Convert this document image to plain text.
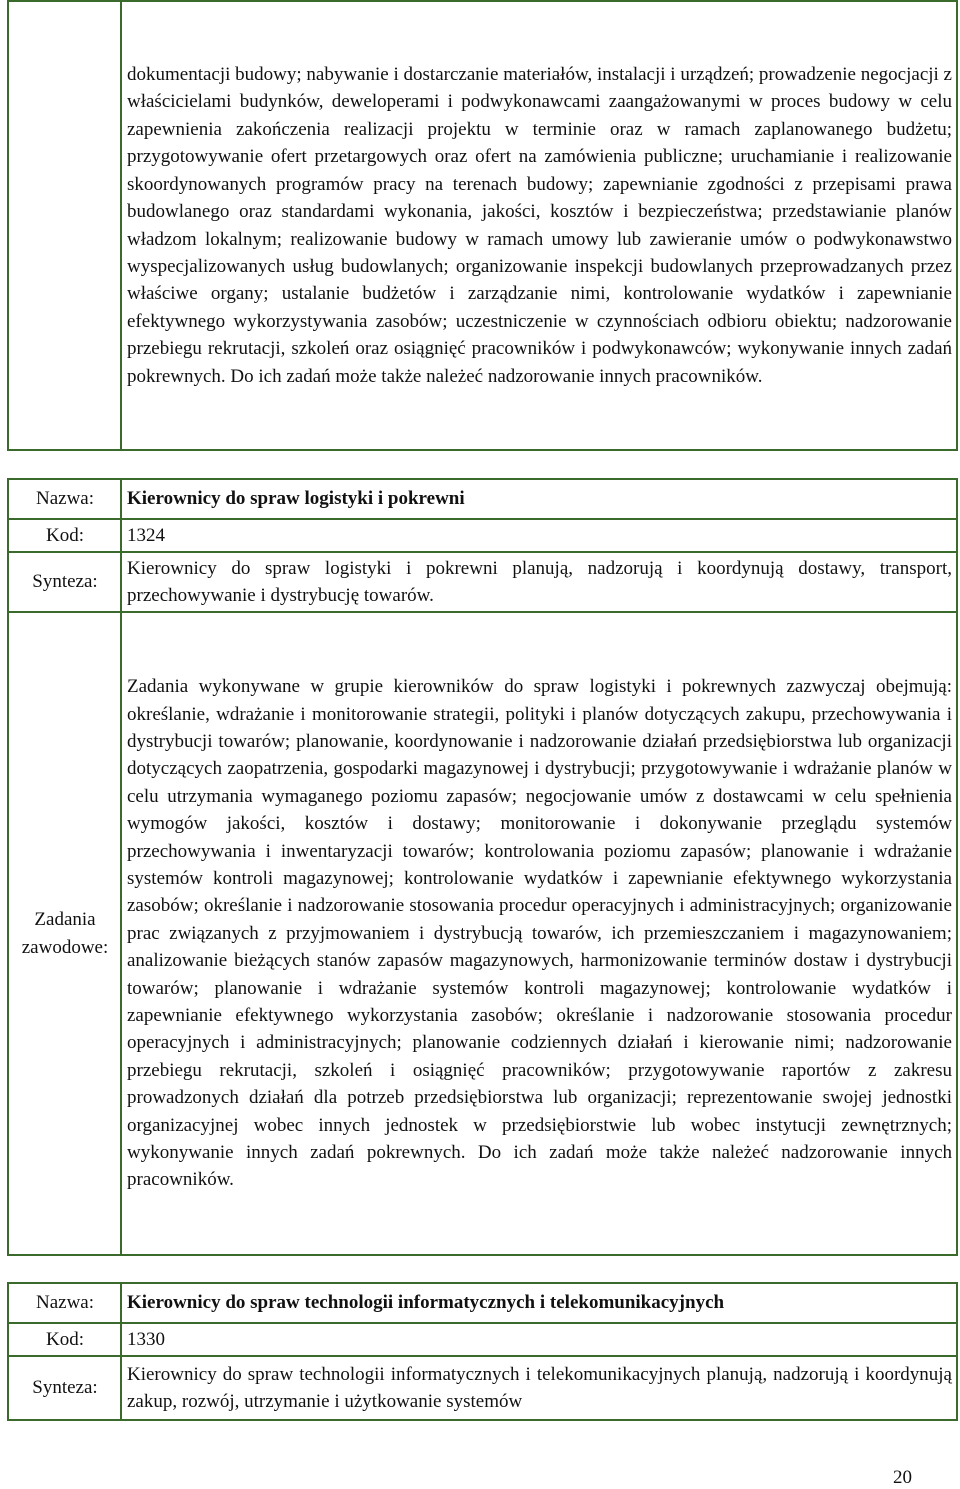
	dokumentacji budowy; nabywanie i dostarczanie materiałów, instalacji i urządzeń; prowadzenie negocjacji z właścicielami budynków, deweloperami i podwykonawcami zaangażowanymi w proces budowy w celu zapewnienia zakończenia realizacji projektu w terminie oraz w ramach zaplanowanego budżetu; przygotowywanie ofert przetargowych oraz ofert na zamówienia publiczne; uruchamianie i realizowanie skoordynowanych programów pracy na terenach budowy; zapewnianie zgodności z przepisami prawa budowlanego oraz standardami wykonania, jakości, kosztów i bezpieczeństwa; przedstawianie planów władzom lokalnym; realizowanie budowy w ramach umowy lub zawieranie umów o podwykonawstwo wyspecjalizowanych usług budowlanych; organizowanie inspekcji budowlanych przeprowadzanych przez właściwe organy; ustalanie budżetów i zarządzanie nimi, kontrolowanie wydatków i zapewnianie efektywnego wykorzystywania zasobów; uczestniczenie w czynnościach odbioru obiektu; nadzorowanie przebiegu rekrutacji, szkoleń oraz osiągnięć pracowników i podwykonawców; wykonywanie innych zadań pokrewnych. Do ich zadań może także należeć nadzorowanie innych pracowników.
Nazwa:	Kierownicy do spraw logistyki i pokrewni
Kod:	1324
Synteza:	Kierownicy do spraw logistyki i pokrewni planują, nadzorują i koordynują dostawy, transport, przechowywanie i dystrybucję towarów.
Zadania
zawodowe:	Zadania wykonywane w grupie kierowników do spraw logistyki i pokrewnych zazwyczaj obejmują: określanie, wdrażanie i monitorowanie strategii, polityki i planów dotyczących zakupu, przechowywania i dystrybucji towarów; planowanie, koordynowanie i nadzorowanie działań przedsiębiorstwa lub organizacji dotyczących zaopatrzenia, gospodarki magazynowej i dystrybucji; przygotowywanie i wdrażanie planów w celu utrzymania wymaganego poziomu zapasów; negocjowanie umów z dostawcami w celu spełnienia wymogów jakości, kosztów i dostawy; monitorowanie i dokonywanie przeglądu systemów przechowywania i inwentaryzacji towarów; kontrolowania poziomu zapasów; planowanie i wdrażanie systemów kontroli magazynowej; kontrolowanie wydatków i zapewnianie efektywnego wykorzystania zasobów; określanie i nadzorowanie stosowania procedur operacyjnych i administracyjnych; organizowanie prac związanych z przyjmowaniem i dystrybucją towarów, ich przemieszczaniem i magazynowaniem; analizowanie bieżących stanów zapasów magazynowych, harmonizowanie terminów dostaw i dystrybucji towarów; planowanie i wdrażanie systemów kontroli magazynowej; kontrolowanie wydatków i zapewnianie efektywnego wykorzystania zasobów; określanie i nadzorowanie stosowania procedur operacyjnych i administracyjnych; planowanie codziennych działań i kierowanie nimi; nadzorowanie przebiegu rekrutacji, szkoleń i osiągnięć pracowników; przygotowywanie raportów z zakresu prowadzonych działań dla potrzeb przedsiębiorstwa lub organizacji; reprezentowanie swojej jednostki organizacyjnej wobec innych jednostek w przedsiębiorstwie lub wobec instytucji zewnętrznych; wykonywanie innych zadań pokrewnych. Do ich zadań może także należeć nadzorowanie innych pracowników.
Nazwa:	Kierownicy do spraw technologii informatycznych i telekomunikacyjnych
Kod:	1330
Synteza:	Kierownicy do spraw technologii informatycznych i telekomunikacyjnych planują, nadzorują i koordynują zakup, rozwój, utrzymanie i użytkowanie systemów
20
